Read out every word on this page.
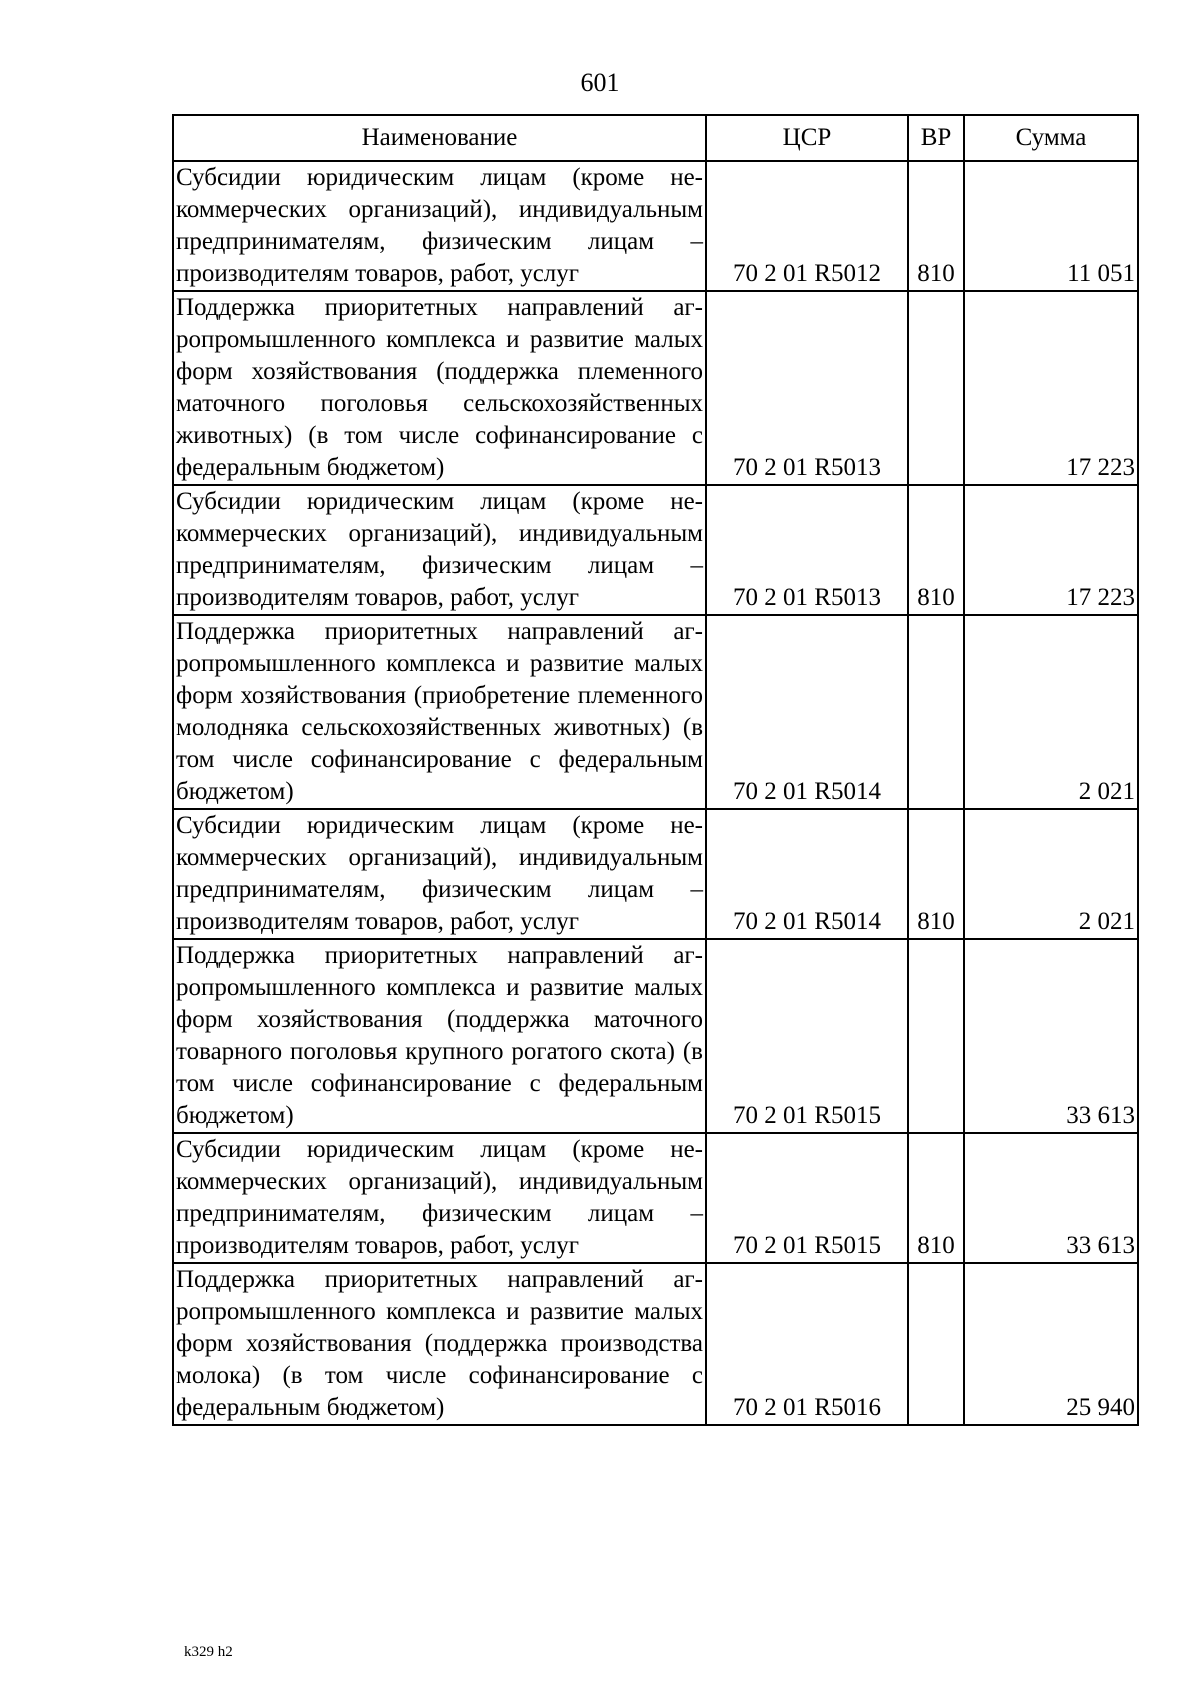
601
Наименование	ЦСР	ВР	Сумма
Субсидии юридическим лицам (кроме некоммерческих организаций), индивидуальным предпринимателям, физическим лицам – производителям товаров, работ, услуг	70 2 01 R5012	810	11 051
Поддержка приоритетных направлений агропромышленного комплекса и развитие малых форм хозяйствования (поддержка племенного маточного поголовья сельскохозяйственных животных) (в том числе софинансирование с федеральным бюджетом)	70 2 01 R5013		17 223
Субсидии юридическим лицам (кроме некоммерческих организаций), индивидуальным предпринимателям, физическим лицам – производителям товаров, работ, услуг	70 2 01 R5013	810	17 223
Поддержка приоритетных направлений агропромышленного комплекса и развитие малых форм хозяйствования (приобретение племенного молодняка сельскохозяйственных животных) (в том числе софинансирование с федеральным бюджетом)	70 2 01 R5014		2 021
Субсидии юридическим лицам (кроме некоммерческих организаций), индивидуальным предпринимателям, физическим лицам – производителям товаров, работ, услуг	70 2 01 R5014	810	2 021
Поддержка приоритетных направлений агропромышленного комплекса и развитие малых форм хозяйствования (поддержка маточного товарного поголовья крупного рогатого скота) (в том числе софинансирование с федеральным бюджетом)	70 2 01 R5015		33 613
Субсидии юридическим лицам (кроме некоммерческих организаций), индивидуальным предпринимателям, физическим лицам – производителям товаров, работ, услуг	70 2 01 R5015	810	33 613
Поддержка приоритетных направлений агропромышленного комплекса и развитие малых форм хозяйствования (поддержка производства молока) (в том числе софинансирование с федеральным бюджетом)	70 2 01 R5016		25 940
k329 h2
